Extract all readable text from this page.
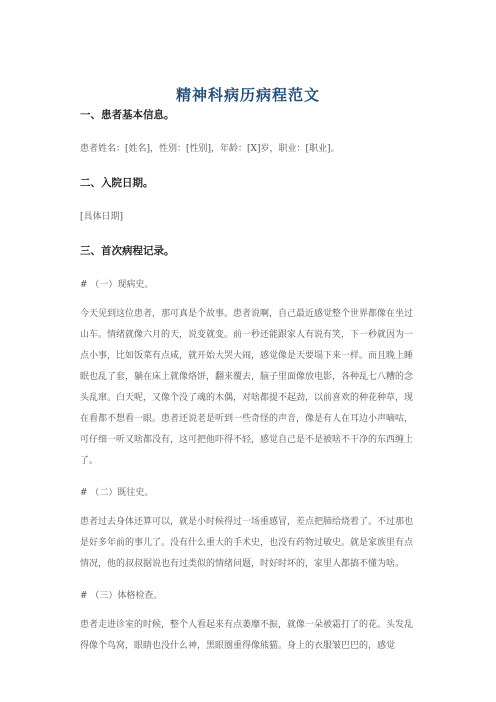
精神科病历病程范文
一、患者基本信息。
患者姓名：[姓名]，性别：[性别]，年龄：[X]岁，职业：[职业]。
二、入院日期。
[具体日期]
三、首次病程记录。
# （一）现病史。
今天见到这位患者，那可真是个故事。患者说啊，自己最近感觉整个世界都像在坐过山车。情绪就像六月的天，说变就变。前一秒还能跟家人有说有笑，下一秒就因为一点小事，比如饭菜有点咸，就开始大哭大闹，感觉像是天要塌下来一样。而且晚上睡眠也乱了套，躺在床上就像烙饼，翻来覆去，脑子里面像放电影，各种乱七八糟的念头乱窜。白天呢，又像个没了魂的木偶，对啥都提不起劲，以前喜欢的种花种草，现在看都不想看一眼。患者还说老是听到一些奇怪的声音，像是有人在耳边小声嘀咕，可仔细一听又啥都没有，这可把他吓得不轻，感觉自己是不是被啥不干净的东西缠上了。
# （二）既往史。
患者过去身体还算可以，就是小时候得过一场重感冒，差点把肺给烧着了。不过那也是好多年前的事儿了。没有什么重大的手术史，也没有药物过敏史。就是家族里有点情况，他的叔叔据说也有过类似的情绪问题，时好时坏的，家里人都搞不懂为啥。
# （三）体格检查。
患者走进诊室的时候，整个人看起来有点萎靡不振，就像一朵被霜打了的花。头发乱得像个鸟窝，眼睛也没什么神，黑眼圈重得像熊猫。身上的衣服皱巴巴的，感觉
